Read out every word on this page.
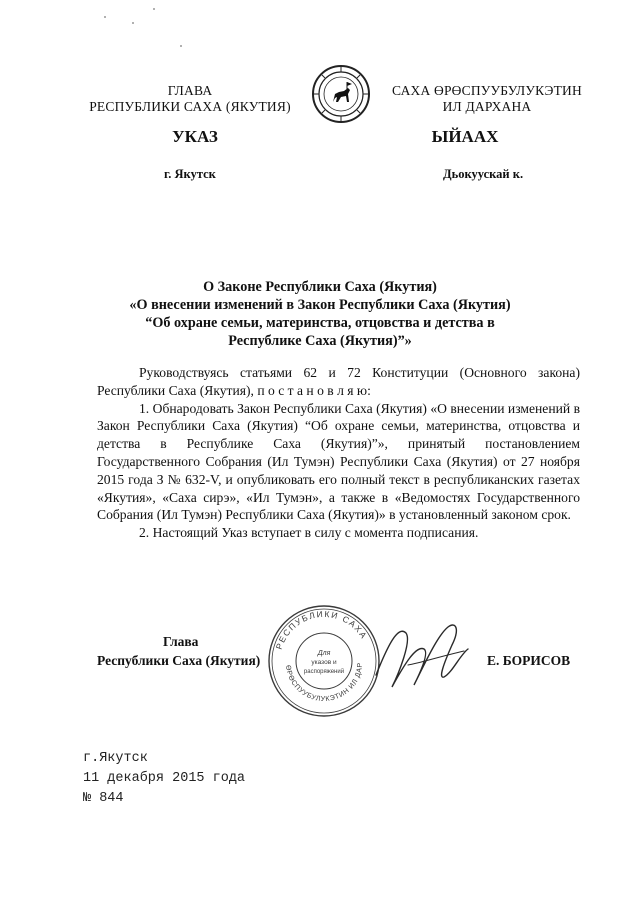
ГЛАВА
РЕСПУБЛИКИ САХА (ЯКУТИЯ)
САХА ӨРӨСПУУБУЛУКЭТИН
ИЛ ДАРХАНА
УКАЗ	ЫЙААХ
г. Якутск	Дьокуускай к.
О Законе Республики Саха (Якутия)
«О внесении изменений в Закон Республики Саха (Якутия)
“Об охране семьи, материнства, отцовства и детства в
Республике Саха (Якутия)”»

Руководствуясь статьями 62 и 72 Конституции (Основного закона) Республики Саха (Якутия), п о с т а н о в л я ю:

1. Обнародовать Закон Республики Саха (Якутия) «О внесении изменений в Закон Республики Саха (Якутия) “Об охране семьи, материнства, отцовства и детства в Республике Саха (Якутия)”», принятый постановлением Государственного Собрания (Ил Тумэн) Республики Саха (Якутия) от 27 ноября 2015 года З № 632-V, и опубликовать его полный текст в республиканских газетах «Якутия», «Саха сирэ», «Ил Тумэн», а также в «Ведомостях Государственного Собрания (Ил Тумэн) Республики Саха (Якутия)» в установленный законом срок.

2. Настоящий Указ вступает в силу с момента подписания.

Глава
Республики Саха (Якутия)	Е. БОРИСОВ
РЕСПУБЛИКИ САХА
ӨРӨСПУУБУЛУКЭТИН ИЛ ДАР
Для
указов и
распоряжений
г.Якутск
11 декабря 2015 года
№ 844
